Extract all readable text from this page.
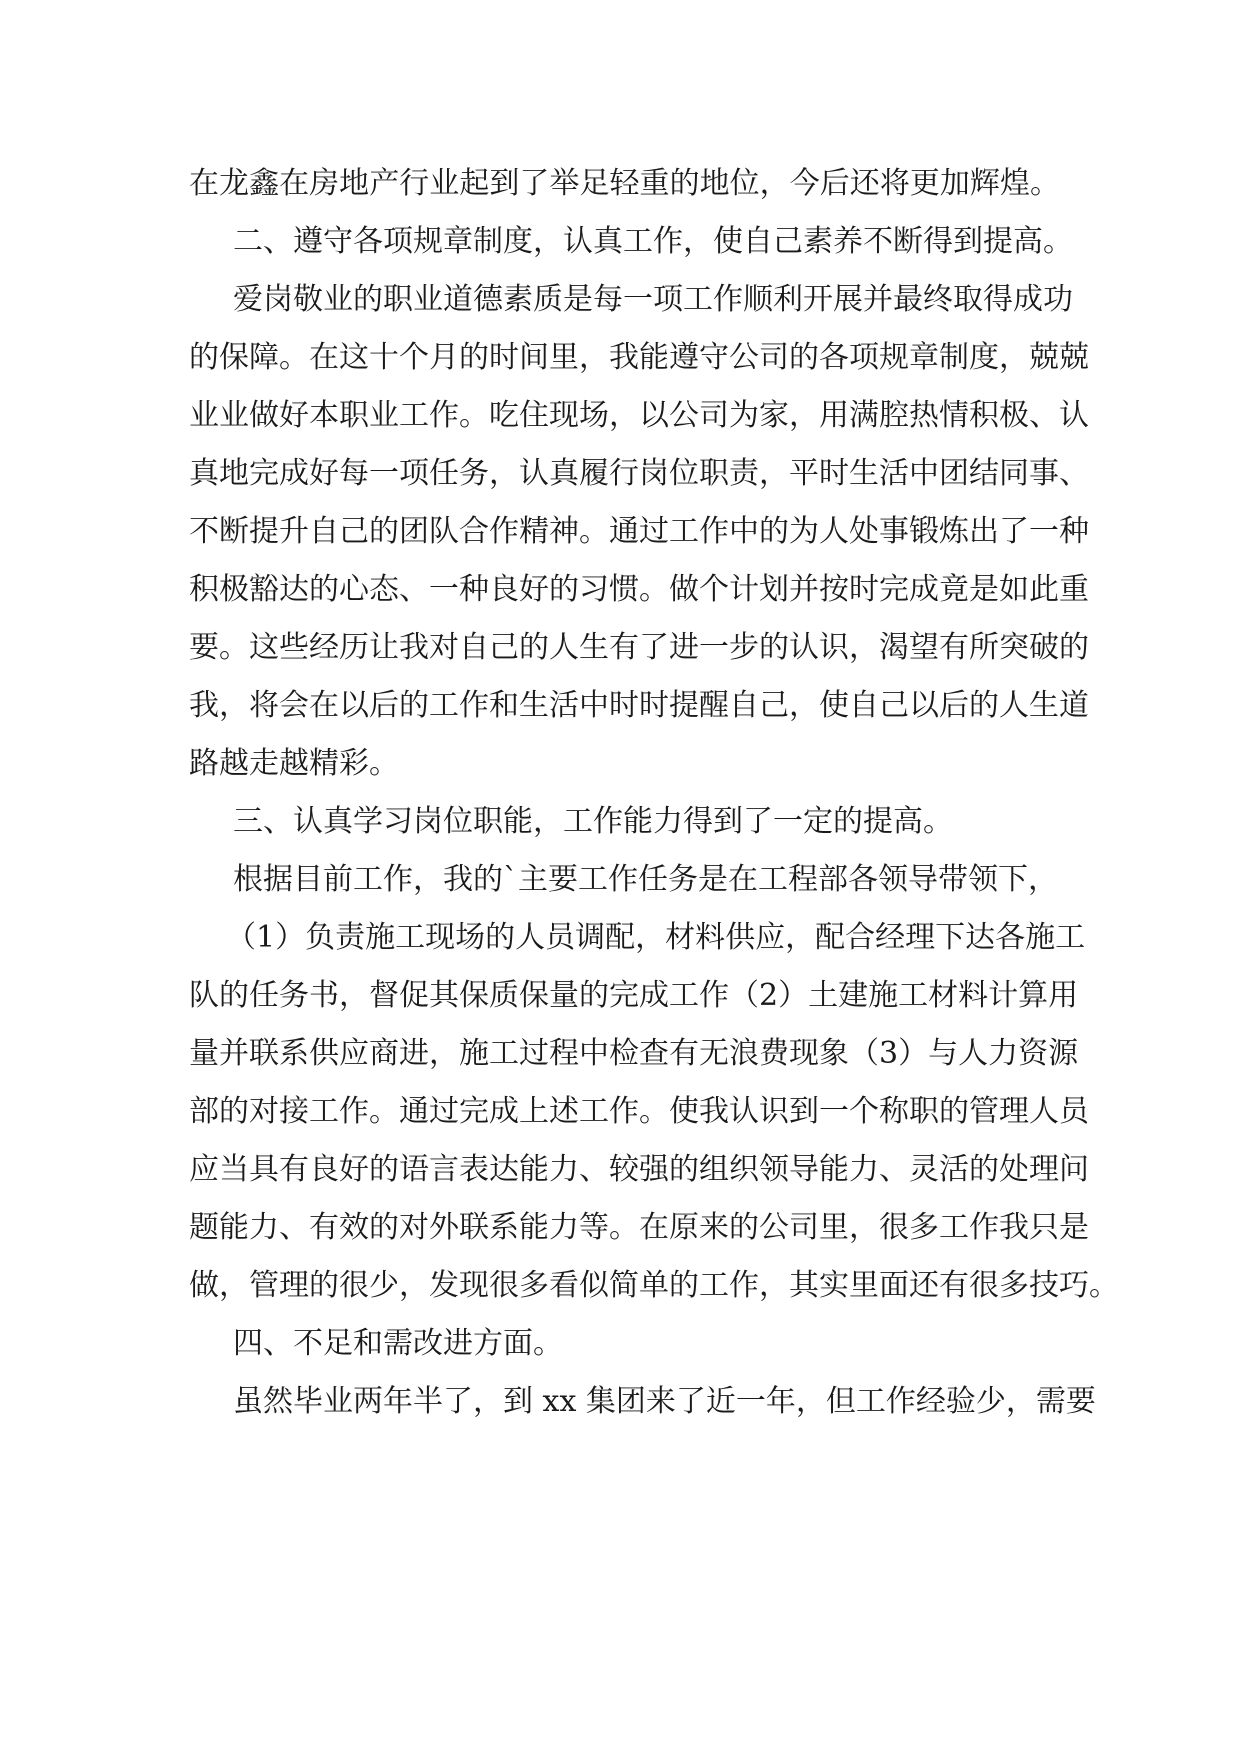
在龙鑫在房地产行业起到了举足轻重的地位，今后还将更加辉煌。
二、遵守各项规章制度，认真工作，使自己素养不断得到提高。
爱岗敬业的职业道德素质是每一项工作顺利开展并最终取得成功
的保障。在这十个月的时间里，我能遵守公司的各项规章制度，兢兢
业业做好本职业工作。吃住现场，以公司为家，用满腔热情积极、认
真地完成好每一项任务，认真履行岗位职责，平时生活中团结同事、
不断提升自己的团队合作精神。通过工作中的为人处事锻炼出了一种
积极豁达的心态、一种良好的习惯。做个计划并按时完成竟是如此重
要。这些经历让我对自己的人生有了进一步的认识，渴望有所突破的
我，将会在以后的工作和生活中时时提醒自己，使自己以后的人生道
路越走越精彩。
三、认真学习岗位职能，工作能力得到了一定的提高。
根据目前工作，我的`主要工作任务是在工程部各领导带领下，
（1）负责施工现场的人员调配，材料供应，配合经理下达各施工
队的任务书，督促其保质保量的完成工作（2）土建施工材料计算用
量并联系供应商进，施工过程中检查有无浪费现象（3）与人力资源
部的对接工作。通过完成上述工作。使我认识到一个称职的管理人员
应当具有良好的语言表达能力、较强的组织领导能力、灵活的处理问
题能力、有效的对外联系能力等。在原来的公司里，很多工作我只是
做，管理的很少，发现很多看似简单的工作，其实里面还有很多技巧。
四、不足和需改进方面。
虽然毕业两年半了，到 xx 集团来了近一年，但工作经验少，需要
